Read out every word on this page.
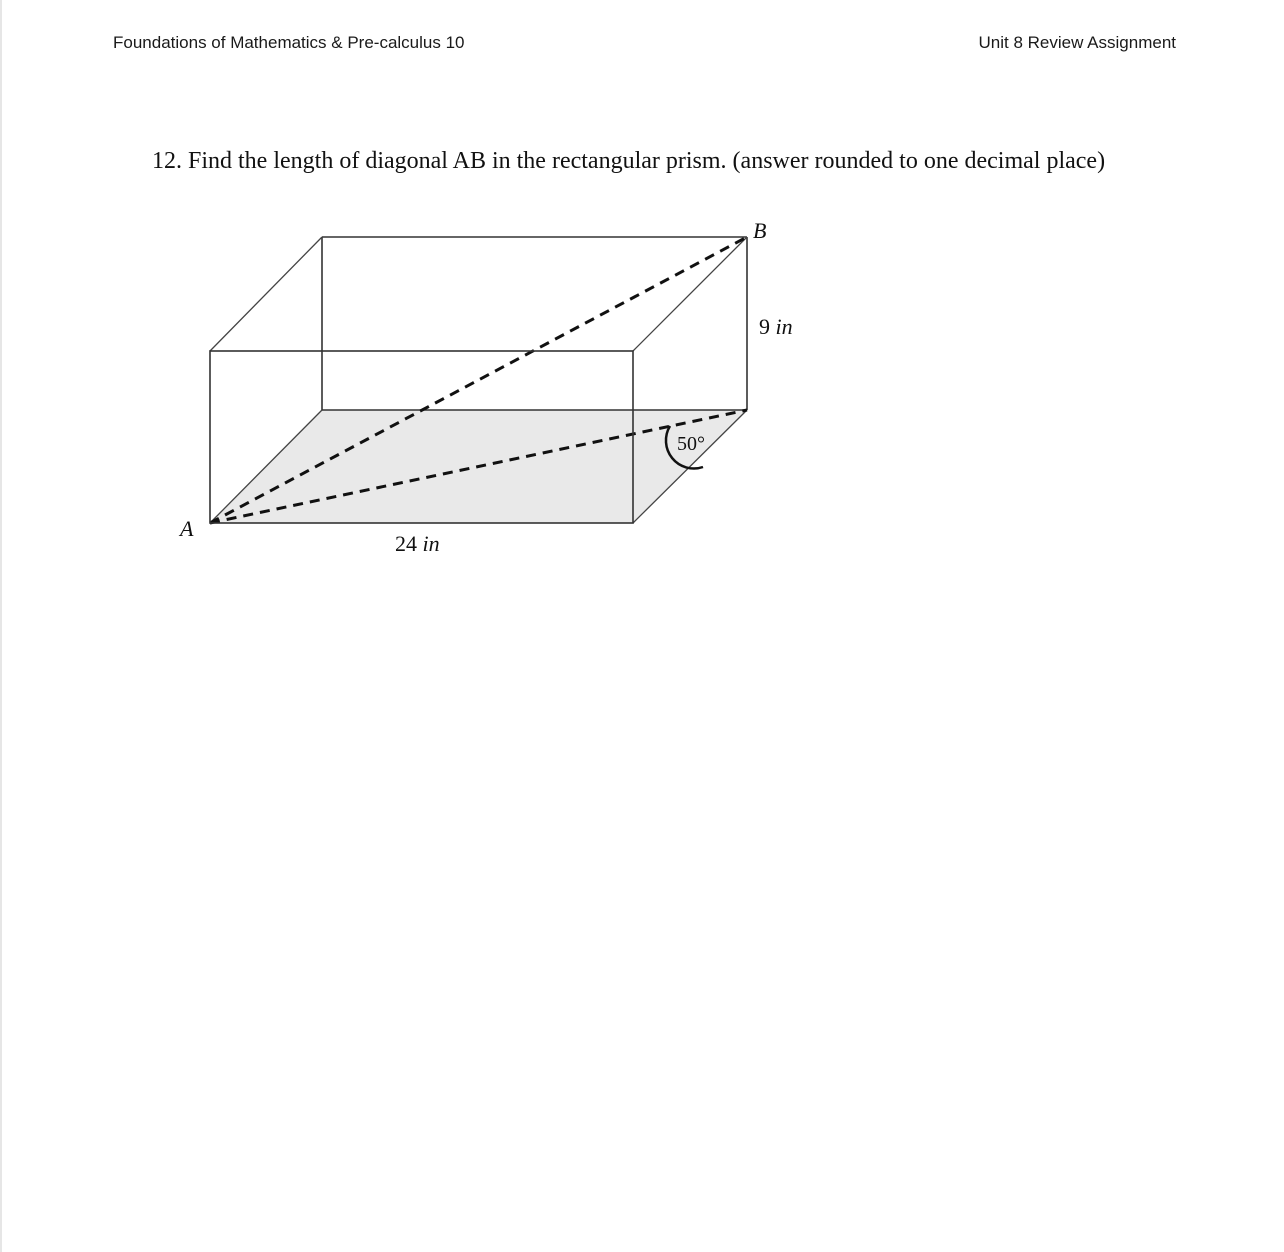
Foundations of Mathematics & Pre-calculus 10	Unit 8 Review Assignment
12. Find the length of diagonal AB in the rectangular prism. (answer rounded to one decimal place)
A
B
50°
9 in
24 in
